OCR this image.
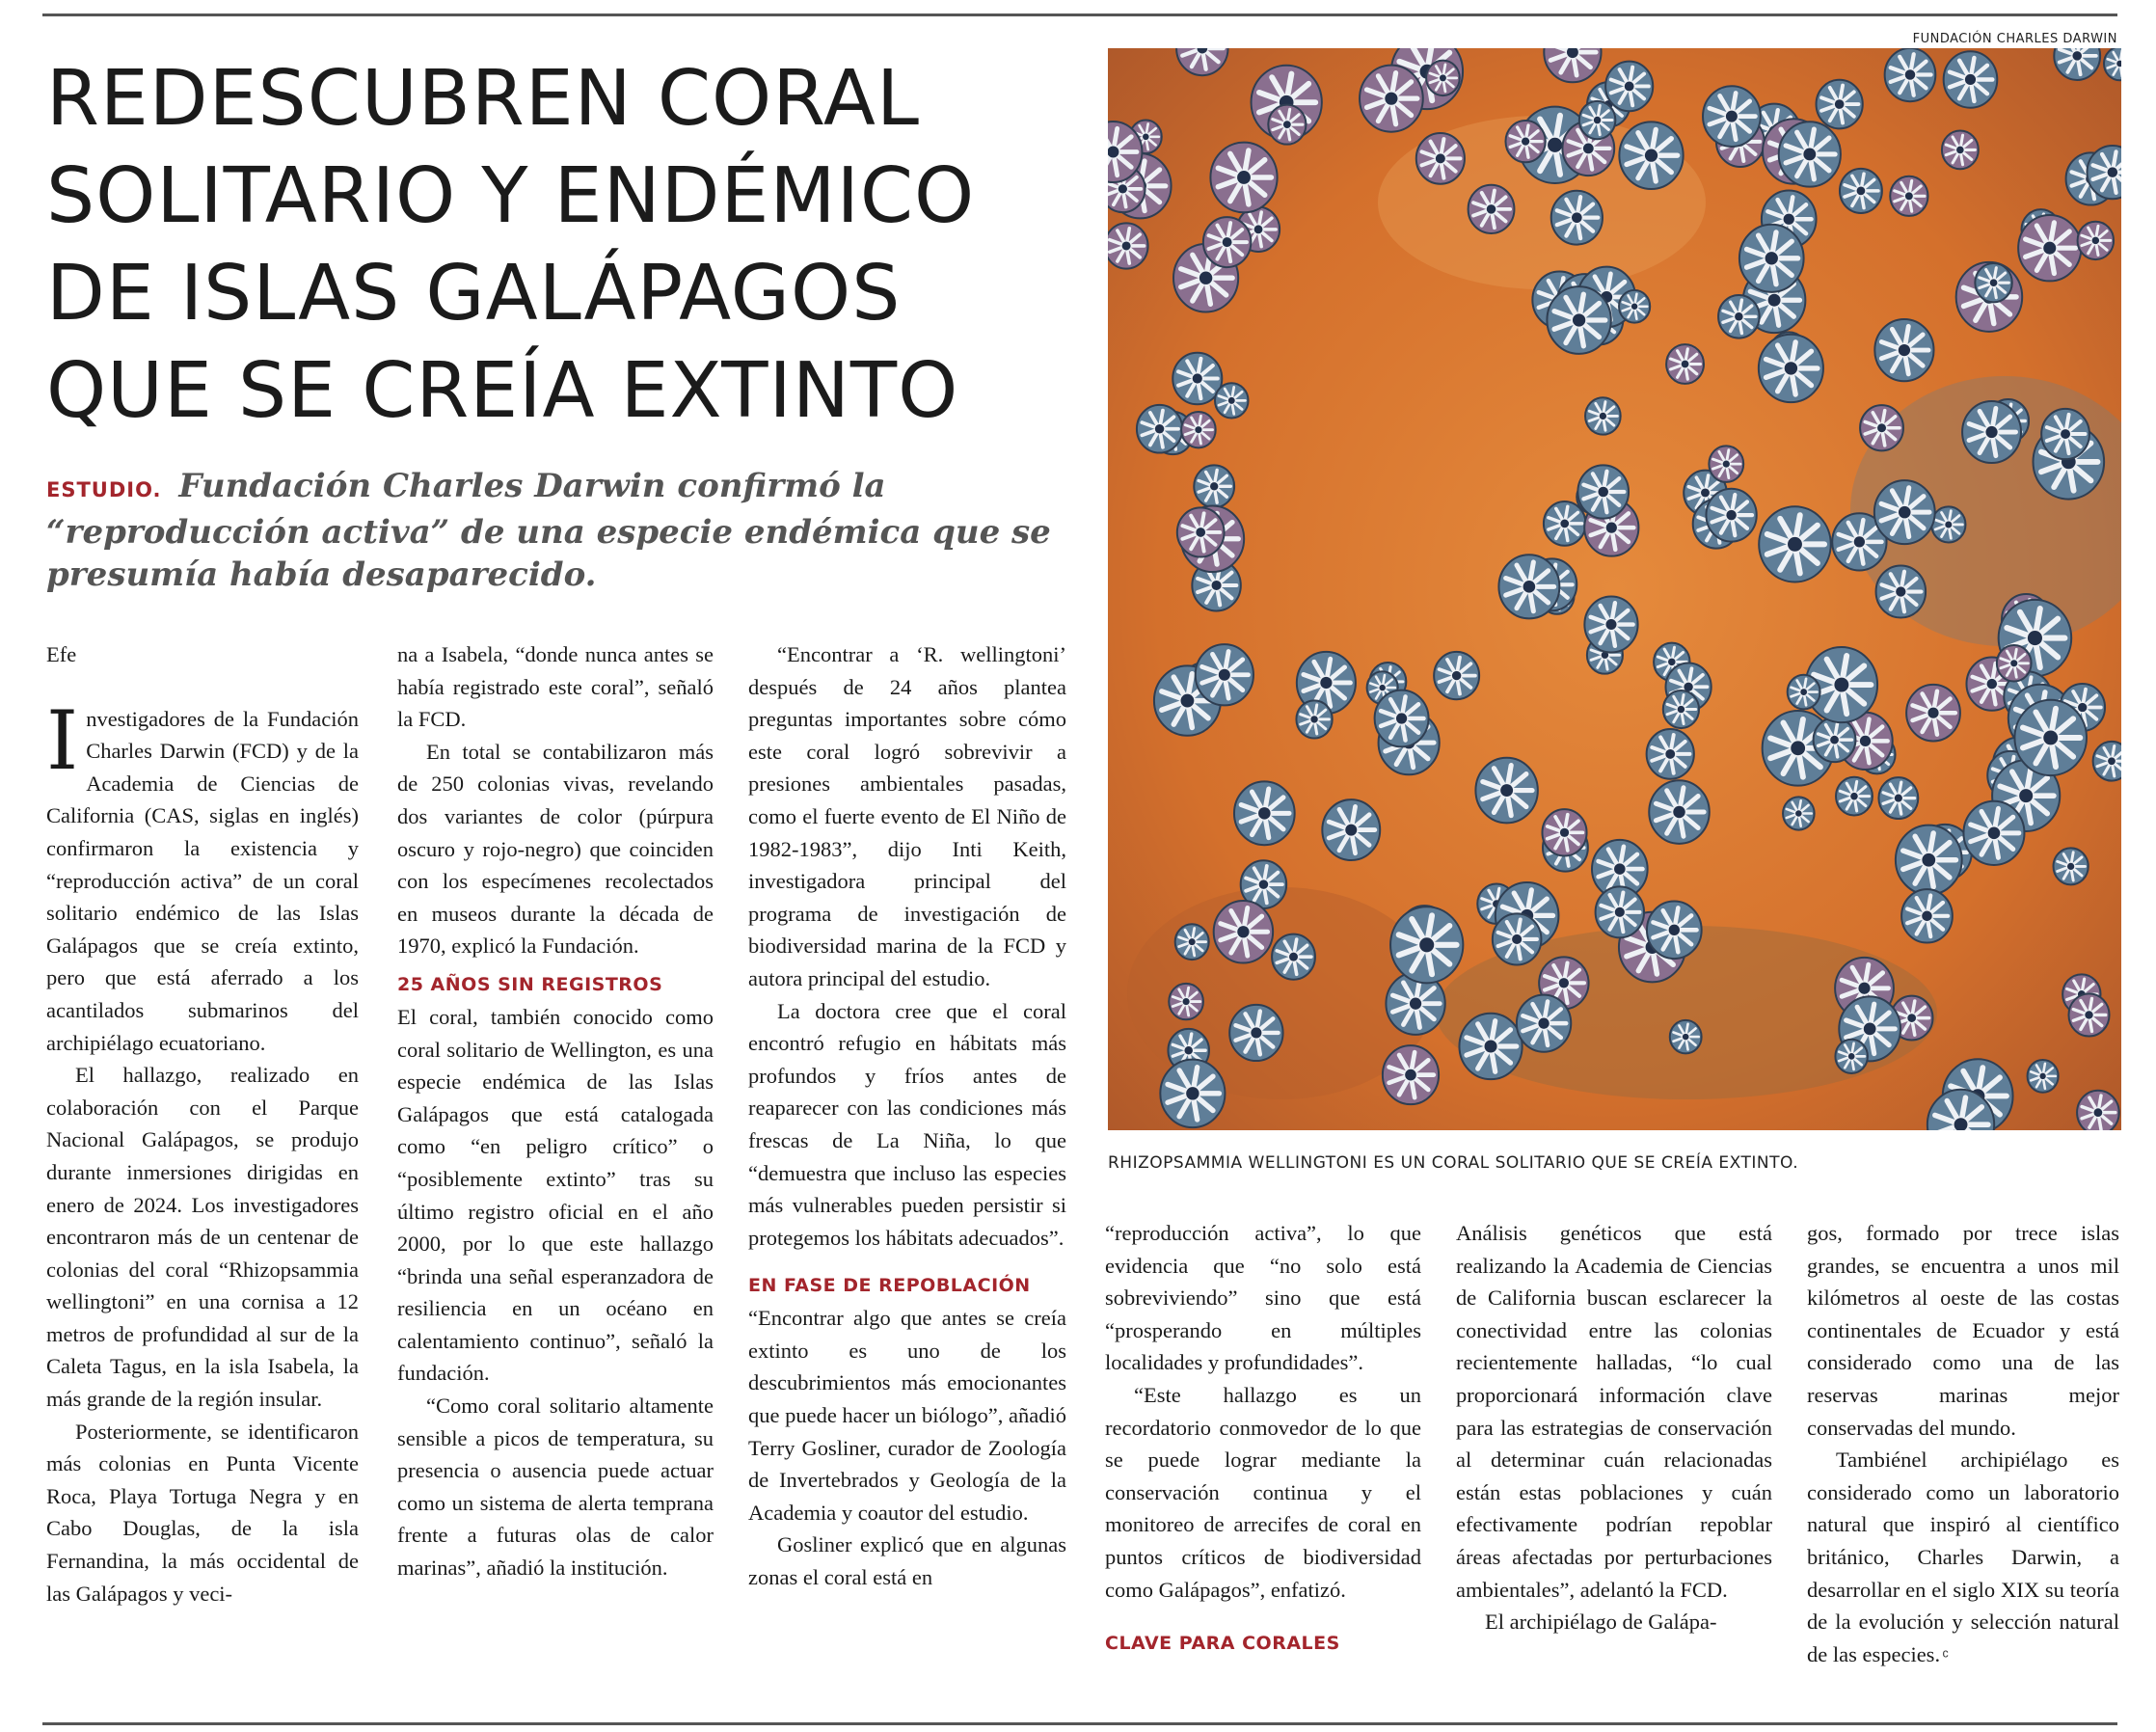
REDESCUBREN CORAL
SOLITARIO Y ENDÉMICO
DE ISLAS GALÁPAGOS
QUE SE CREÍA EXTINTO

ESTUDIO. Fundación Charles Darwin confirmó la “reproducción activa” de una especie endémica que se presumía había desaparecido.

FUNDACIÓN CHARLES DARWIN
RHIZOPSAMMIA WELLINGTONI ES UN CORAL SOLITARIO QUE SE CREÍA EXTINTO.

Efe

Investigadores de la Fundación Charles Darwin (FCD) y de la Academia de Ciencias de California (CAS, siglas en inglés) confirmaron la existencia y “reproducción activa” de un coral solitario endémico de las Islas Galápagos que se creía extinto, pero que está aferrado a los acantilados submarinos del archipiélago ecuatoriano.

El hallazgo, realizado en colaboración con el Parque Nacional Galápagos, se produjo durante inmersiones dirigidas en enero de 2024. Los investigadores encontraron más de un centenar de colonias del coral “Rhizopsammia wellingtoni” en una cornisa a 12 metros de profundidad al sur de la Caleta Tagus, en la isla Isabela, la más grande de la región insular.

Posteriormente, se identificaron más colonias en Punta Vicente Roca, Playa Tortuga Negra y en Cabo Douglas, de la isla Fernandina, la más occidental de las Galápagos y veci-

na a Isabela, “donde nunca antes se había registrado este coral”, señaló la FCD.

En total se contabilizaron más de 250 colonias vivas, revelando dos variantes de color (púrpura oscuro y rojo-negro) que coinciden con los especímenes recolectados en museos durante la década de 1970, explicó la Fundación.

25 AÑOS SIN REGISTROS

El coral, también conocido como coral solitario de Wellington, es una especie endémica de las Islas Galápagos que está catalogada como “en peligro crítico” o “posiblemente extinto” tras su último registro oficial en el año 2000, por lo que este hallazgo “brinda una señal esperanzadora de resiliencia en un océano en calentamiento continuo”, señaló la fundación.

“Como coral solitario altamente sensible a picos de temperatura, su presencia o ausencia puede actuar como un sistema de alerta temprana frente a futuras olas de calor marinas”, añadió la institución.

“Encontrar a ‘R. wellingtoni’ después de 24 años plantea preguntas importantes sobre cómo este coral logró sobrevivir a presiones ambientales pasadas, como el fuerte evento de El Niño de 1982-1983”, dijo Inti Keith, investigadora principal del programa de investigación de biodiversidad marina de la FCD y autora principal del estudio.

La doctora cree que el coral encontró refugio en hábitats más profundos y fríos antes de reaparecer con las condiciones más frescas de La Niña, lo que “demuestra que incluso las especies más vulnerables pueden persistir si protegemos los hábitats adecuados”.

EN FASE DE REPOBLACIÓN

“Encontrar algo que antes se creía extinto es uno de los descubrimientos más emocionantes que puede hacer un biólogo”, añadió Terry Gosliner, curador de Zoología de Invertebrados y Geología de la Academia y coautor del estudio.

Gosliner explicó que en algunas zonas el coral está en

“reproducción activa”, lo que evidencia que “no solo está sobreviviendo” sino que está “prosperando en múltiples localidades y profundidades”.

“Este hallazgo es un recordatorio conmovedor de lo que se puede lograr mediante la conservación continua y el monitoreo de arrecifes de coral en puntos críticos de biodiversidad como Galápagos”, enfatizó.

CLAVE PARA CORALES

Análisis genéticos que está realizando la Academia de Ciencias de California buscan esclarecer la conectividad entre las colonias recientemente halladas, “lo cual proporcionará información clave para las estrategias de conservación al determinar cuán relacionadas están estas poblaciones y cuán efectivamente podrían repoblar áreas afectadas por perturbaciones ambientales”, adelantó la FCD.

El archipiélago de Galápa-

gos, formado por trece islas grandes, se encuentra a unos mil kilómetros al oeste de las costas continentales de Ecuador y está considerado como una de las reservas marinas mejor conservadas del mundo.

Tambiénel archipiélago es considerado como un laboratorio natural que inspiró al científico británico, Charles Darwin, a desarrollar en el siglo XIX su teoría de la evolución y selección natural de las especies.
